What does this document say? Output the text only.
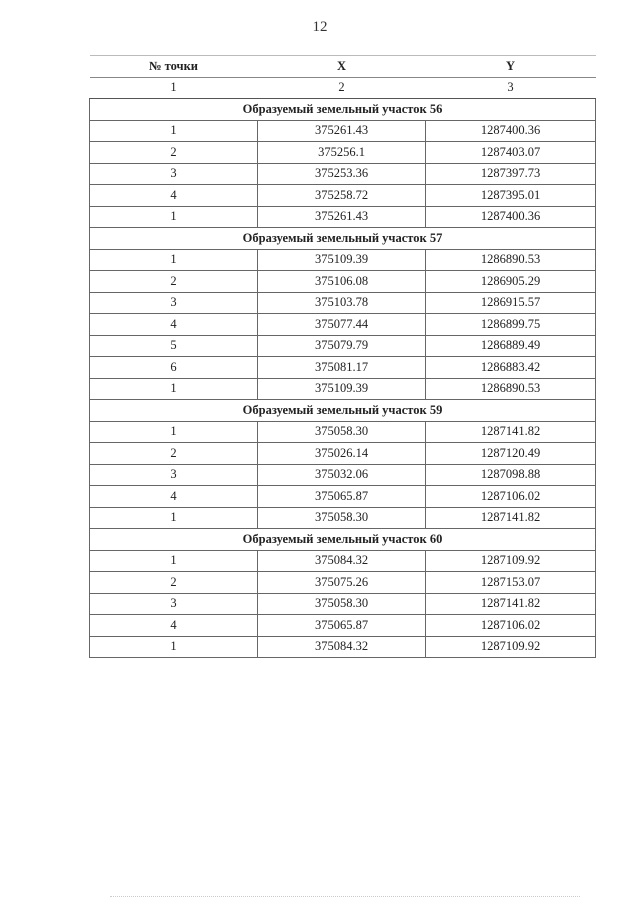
12
№ точки	X	Y
1	2	3
Образуемый земельный участок 56		
1	375261.43	1287400.36
2	375256.1	1287403.07
3	375253.36	1287397.73
4	375258.72	1287395.01
1	375261.43	1287400.36
Образуемый земельный участок 57		
1	375109.39	1286890.53
2	375106.08	1286905.29
3	375103.78	1286915.57
4	375077.44	1286899.75
5	375079.79	1286889.49
6	375081.17	1286883.42
1	375109.39	1286890.53
Образуемый земельный участок 59		
1	375058.30	1287141.82
2	375026.14	1287120.49
3	375032.06	1287098.88
4	375065.87	1287106.02
1	375058.30	1287141.82
Образуемый земельный участок 60		
1	375084.32	1287109.92
2	375075.26	1287153.07
3	375058.30	1287141.82
4	375065.87	1287106.02
1	375084.32	1287109.92
